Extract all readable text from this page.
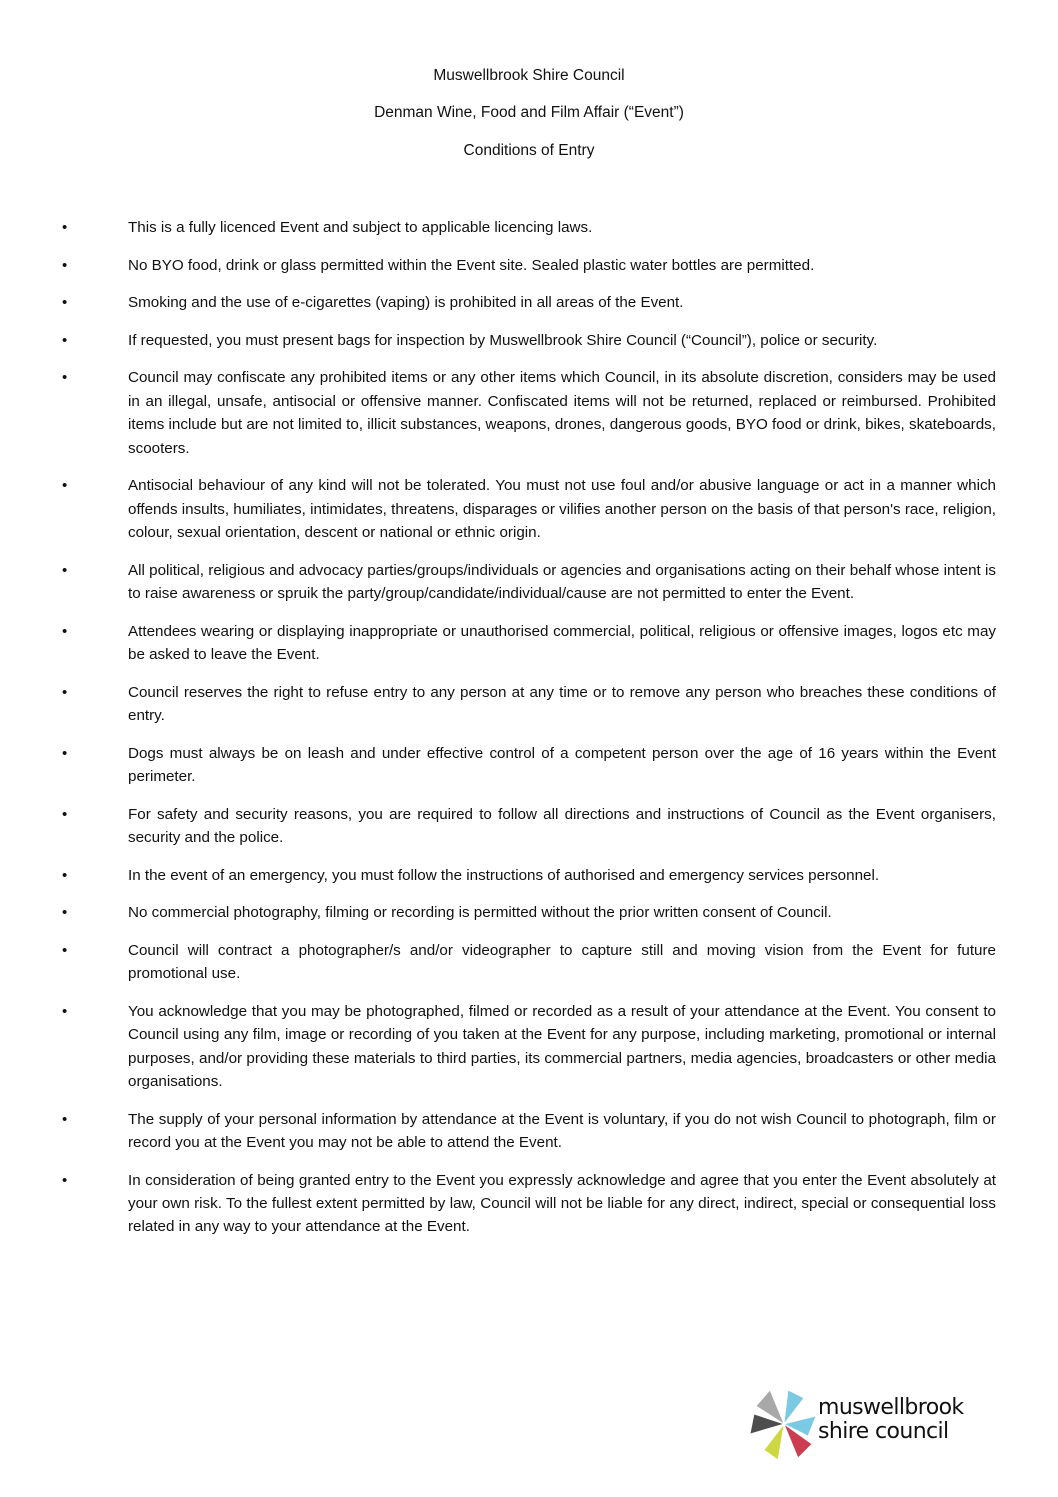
Muswellbrook Shire Council
Denman Wine, Food and Film Affair (“Event”)
Conditions of Entry
•	This is a fully licenced Event and subject to applicable licencing laws.
•	No BYO food, drink or glass permitted within the Event site. Sealed plastic water bottles are permitted.
•	Smoking and the use of e-cigarettes (vaping) is prohibited in all areas of the Event.
•	If requested, you must present bags for inspection by Muswellbrook Shire Council (“Council”), police or security.
•	Council may confiscate any prohibited items or any other items which Council, in its absolute discretion, considers may be used in an illegal, unsafe, antisocial or offensive manner. Confiscated items will not be returned, replaced or reimbursed. Prohibited items include but are not limited to, illicit substances, weapons, drones, dangerous goods, BYO food or drink, bikes, skateboards, scooters.
•	Antisocial behaviour of any kind will not be tolerated. You must not use foul and/or abusive language or act in a manner which offends insults, humiliates, intimidates, threatens, disparages or vilifies another person on the basis of that person's race, religion, colour, sexual orientation, descent or national or ethnic origin.
•	All political, religious and advocacy parties/groups/individuals or agencies and organisations acting on their behalf whose intent is to raise awareness or spruik the party/group/candidate/individual/cause are not permitted to enter the Event.
•	Attendees wearing or displaying inappropriate or unauthorised commercial, political, religious or offensive images, logos etc may be asked to leave the Event.
•	Council reserves the right to refuse entry to any person at any time or to remove any person who breaches these conditions of entry.
•	Dogs must always be on leash and under effective control of a competent person over the age of 16 years within the Event perimeter.
•	For safety and security reasons, you are required to follow all directions and instructions of Council as the Event organisers, security and the police.
•	In the event of an emergency, you must follow the instructions of authorised and emergency services personnel.
•	No commercial photography, filming or recording is permitted without the prior written consent of Council.
•	Council will contract a photographer/s and/or videographer to capture still and moving vision from the Event for future promotional use.
•	You acknowledge that you may be photographed, filmed or recorded as a result of your attendance at the Event. You consent to Council using any film, image or recording of you taken at the Event for any purpose, including marketing, promotional or internal purposes, and/or providing these materials to third parties, its commercial partners, media agencies, broadcasters or other media organisations.
•	The supply of your personal information by attendance at the Event is voluntary, if you do not wish Council to photograph, film or record you at the Event you may not be able to attend the Event.
•	In consideration of being granted entry to the Event you expressly acknowledge and agree that you enter the Event absolutely at your own risk. To the fullest extent permitted by law, Council will not be liable for any direct, indirect, special or consequential loss related in any way to your attendance at the Event.
muswellbrook
shire council
